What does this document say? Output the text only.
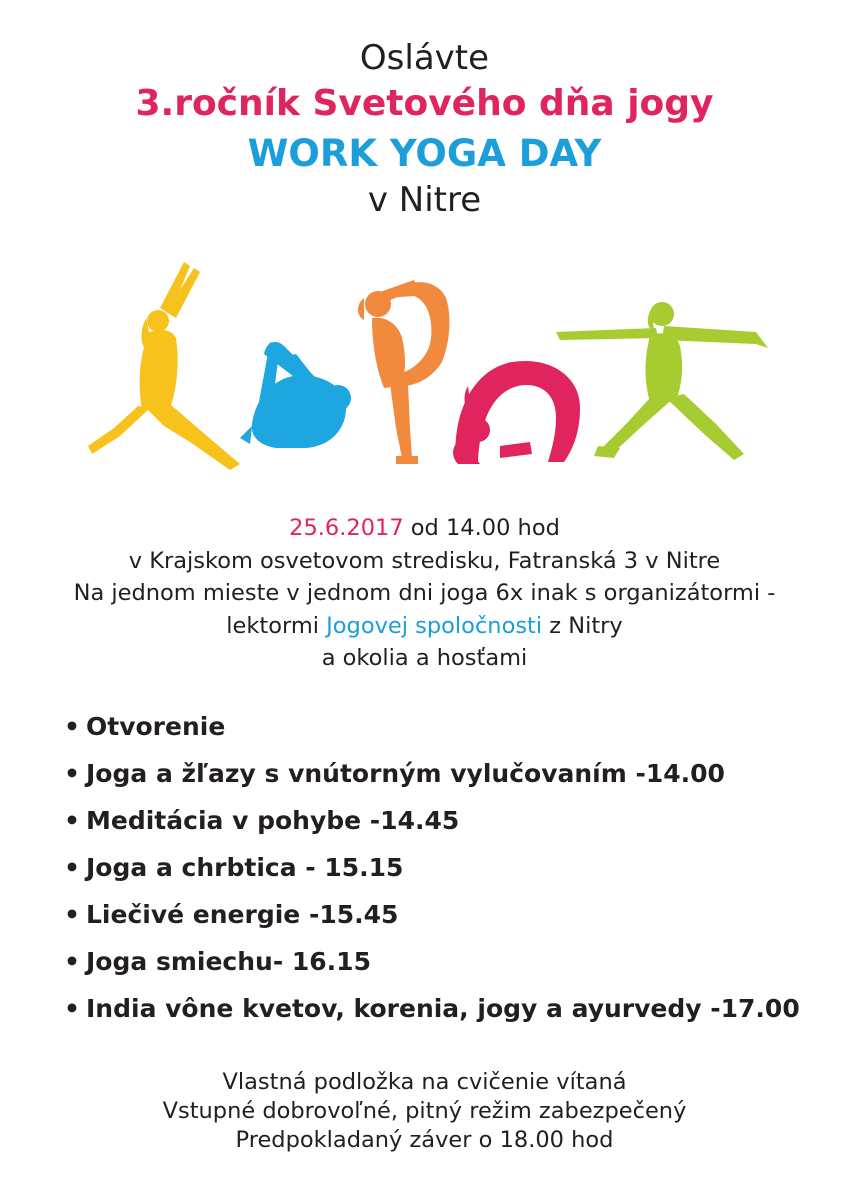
Oslávte
3.ročník Svetového dňa jogy
WORK YOGA DAY
v Nitre
25.6.2017 od 14.00 hod
v Krajskom osvetovom stredisku, Fatranská 3 v Nitre
Na jednom mieste v jednom dni joga 6x inak s organizátormi -
lektormi Jogovej spoločnosti z Nitry
a okolia a hosťami
• Otvorenie
• Joga a žľazy s vnútorným vylučovaním -14.00
• Meditácia v pohybe -14.45
• Joga a chrbtica - 15.15
• Liečivé energie -15.45
• Joga smiechu- 16.15
• India vône kvetov, korenia, jogy a ayurvedy -17.00
Vlastná podložka na cvičenie vítaná
Vstupné dobrovoľné, pitný režim zabezpečený
Predpokladaný záver o 18.00 hod
